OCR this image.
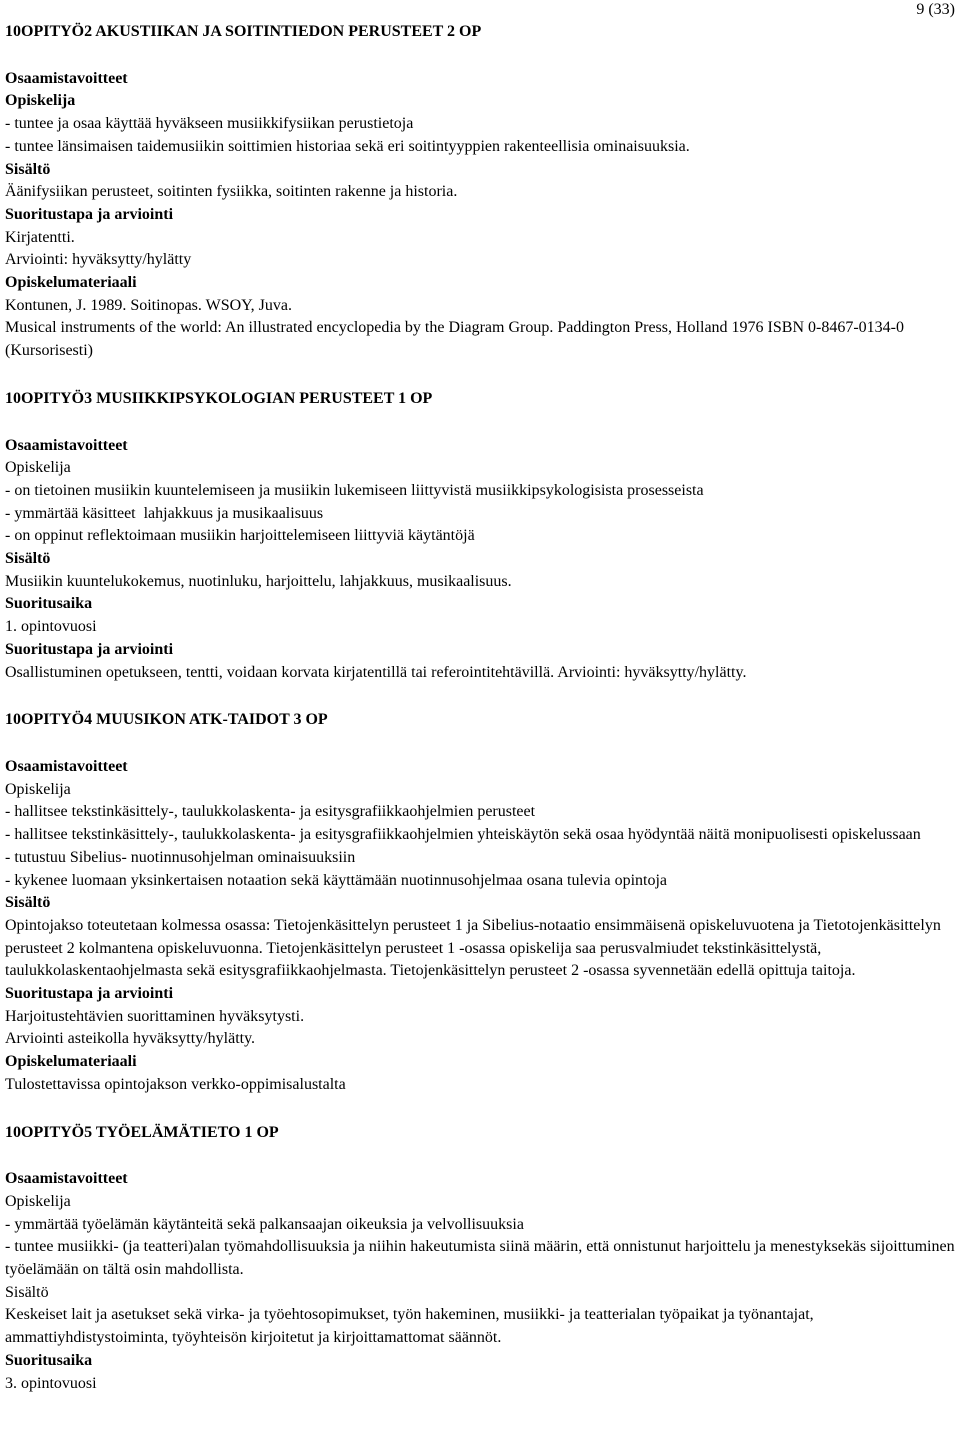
9 (33)
10OPITYÖ2 AKUSTIIKAN JA SOITINTIEDON PERUSTEET 2 OP
Osaamistavoitteet
Opiskelija
- tuntee ja osaa käyttää hyväkseen musiikkifysiikan perustietoja
- tuntee länsimaisen taidemusiikin soittimien historiaa sekä eri soitintyyppien rakenteellisia ominaisuuksia.
Sisältö
Äänifysiikan perusteet, soitinten fysiikka, soitinten rakenne ja historia.
Suoritustapa ja arviointi
Kirjatentti.
Arviointi: hyväksytty/hylätty
Opiskelumateriaali
Kontunen, J. 1989. Soitinopas. WSOY, Juva.
Musical instruments of the world: An illustrated encyclopedia by the Diagram Group. Paddington Press, Holland 1976 ISBN 0-8467-0134-0 (Kursorisesti)
10OPITYÖ3 MUSIIKKIPSYKOLOGIAN PERUSTEET 1 OP
Osaamistavoitteet
Opiskelija
- on tietoinen musiikin kuuntelemiseen ja musiikin lukemiseen liittyvistä musiikkipsykologisista prosesseista
- ymmärtää käsitteet  lahjakkuus ja musikaalisuus
- on oppinut reflektoimaan musiikin harjoittelemiseen liittyviä käytäntöjä
Sisältö
Musiikin kuuntelukokemus, nuotinluku, harjoittelu, lahjakkuus, musikaalisuus.
Suoritusaika
1. opintovuosi
Suoritustapa ja arviointi
Osallistuminen opetukseen, tentti, voidaan korvata kirjatentillä tai referointitehtävillä. Arviointi: hyväksytty/hylätty.
10OPITYÖ4 MUUSIKON ATK-TAIDOT 3 OP
Osaamistavoitteet
Opiskelija
- hallitsee tekstinkäsittely-, taulukkolaskenta- ja esitysgrafiikkaohjelmien perusteet
- hallitsee tekstinkäsittely-, taulukkolaskenta- ja esitysgrafiikkaohjelmien yhteiskäytön sekä osaa hyödyntää näitä monipuolisesti opiskelussaan
- tutustuu Sibelius- nuotinnusohjelman ominaisuuksiin
- kykenee luomaan yksinkertaisen notaation sekä käyttämään nuotinnusohjelmaa osana tulevia opintoja
Sisältö
Opintojakso toteutetaan kolmessa osassa: Tietojenkäsittelyn perusteet 1 ja Sibelius-notaatio ensimmäisenä opiskeluvuotena ja Tietotojenkäsittelyn perusteet 2 kolmantena opiskeluvuonna. Tietojenkäsittelyn perusteet 1 -osassa opiskelija saa perusvalmiudet tekstinkäsittelystä, taulukkolaskentaohjelmasta sekä esitysgrafiikkaohjelmasta. Tietojenkäsittelyn perusteet 2 -osassa syvennetään edellä opittuja taitoja.
Suoritustapa ja arviointi
Harjoitustehtävien suorittaminen hyväksytysti.
Arviointi asteikolla hyväksytty/hylätty.
Opiskelumateriaali
Tulostettavissa opintojakson verkko-oppimisalustalta
10OPITYÖ5 TYÖELÄMÄTIETO 1 OP
Osaamistavoitteet
Opiskelija
- ymmärtää työelämän käytänteitä sekä palkansaajan oikeuksia ja velvollisuuksia
- tuntee musiikki- (ja teatteri)alan työmahdollisuuksia ja niihin hakeutumista siinä määrin, että onnistunut harjoittelu ja menestyksekäs sijoittuminen työelämään on tältä osin mahdollista.
Sisältö
Keskeiset lait ja asetukset sekä virka- ja työehtosopimukset, työn hakeminen, musiikki- ja teatterialan työpaikat ja työnantajat, ammattiyhdistystoiminta, työyhteisön kirjoitetut ja kirjoittamattomat säännöt.
Suoritusaika
3. opintovuosi
